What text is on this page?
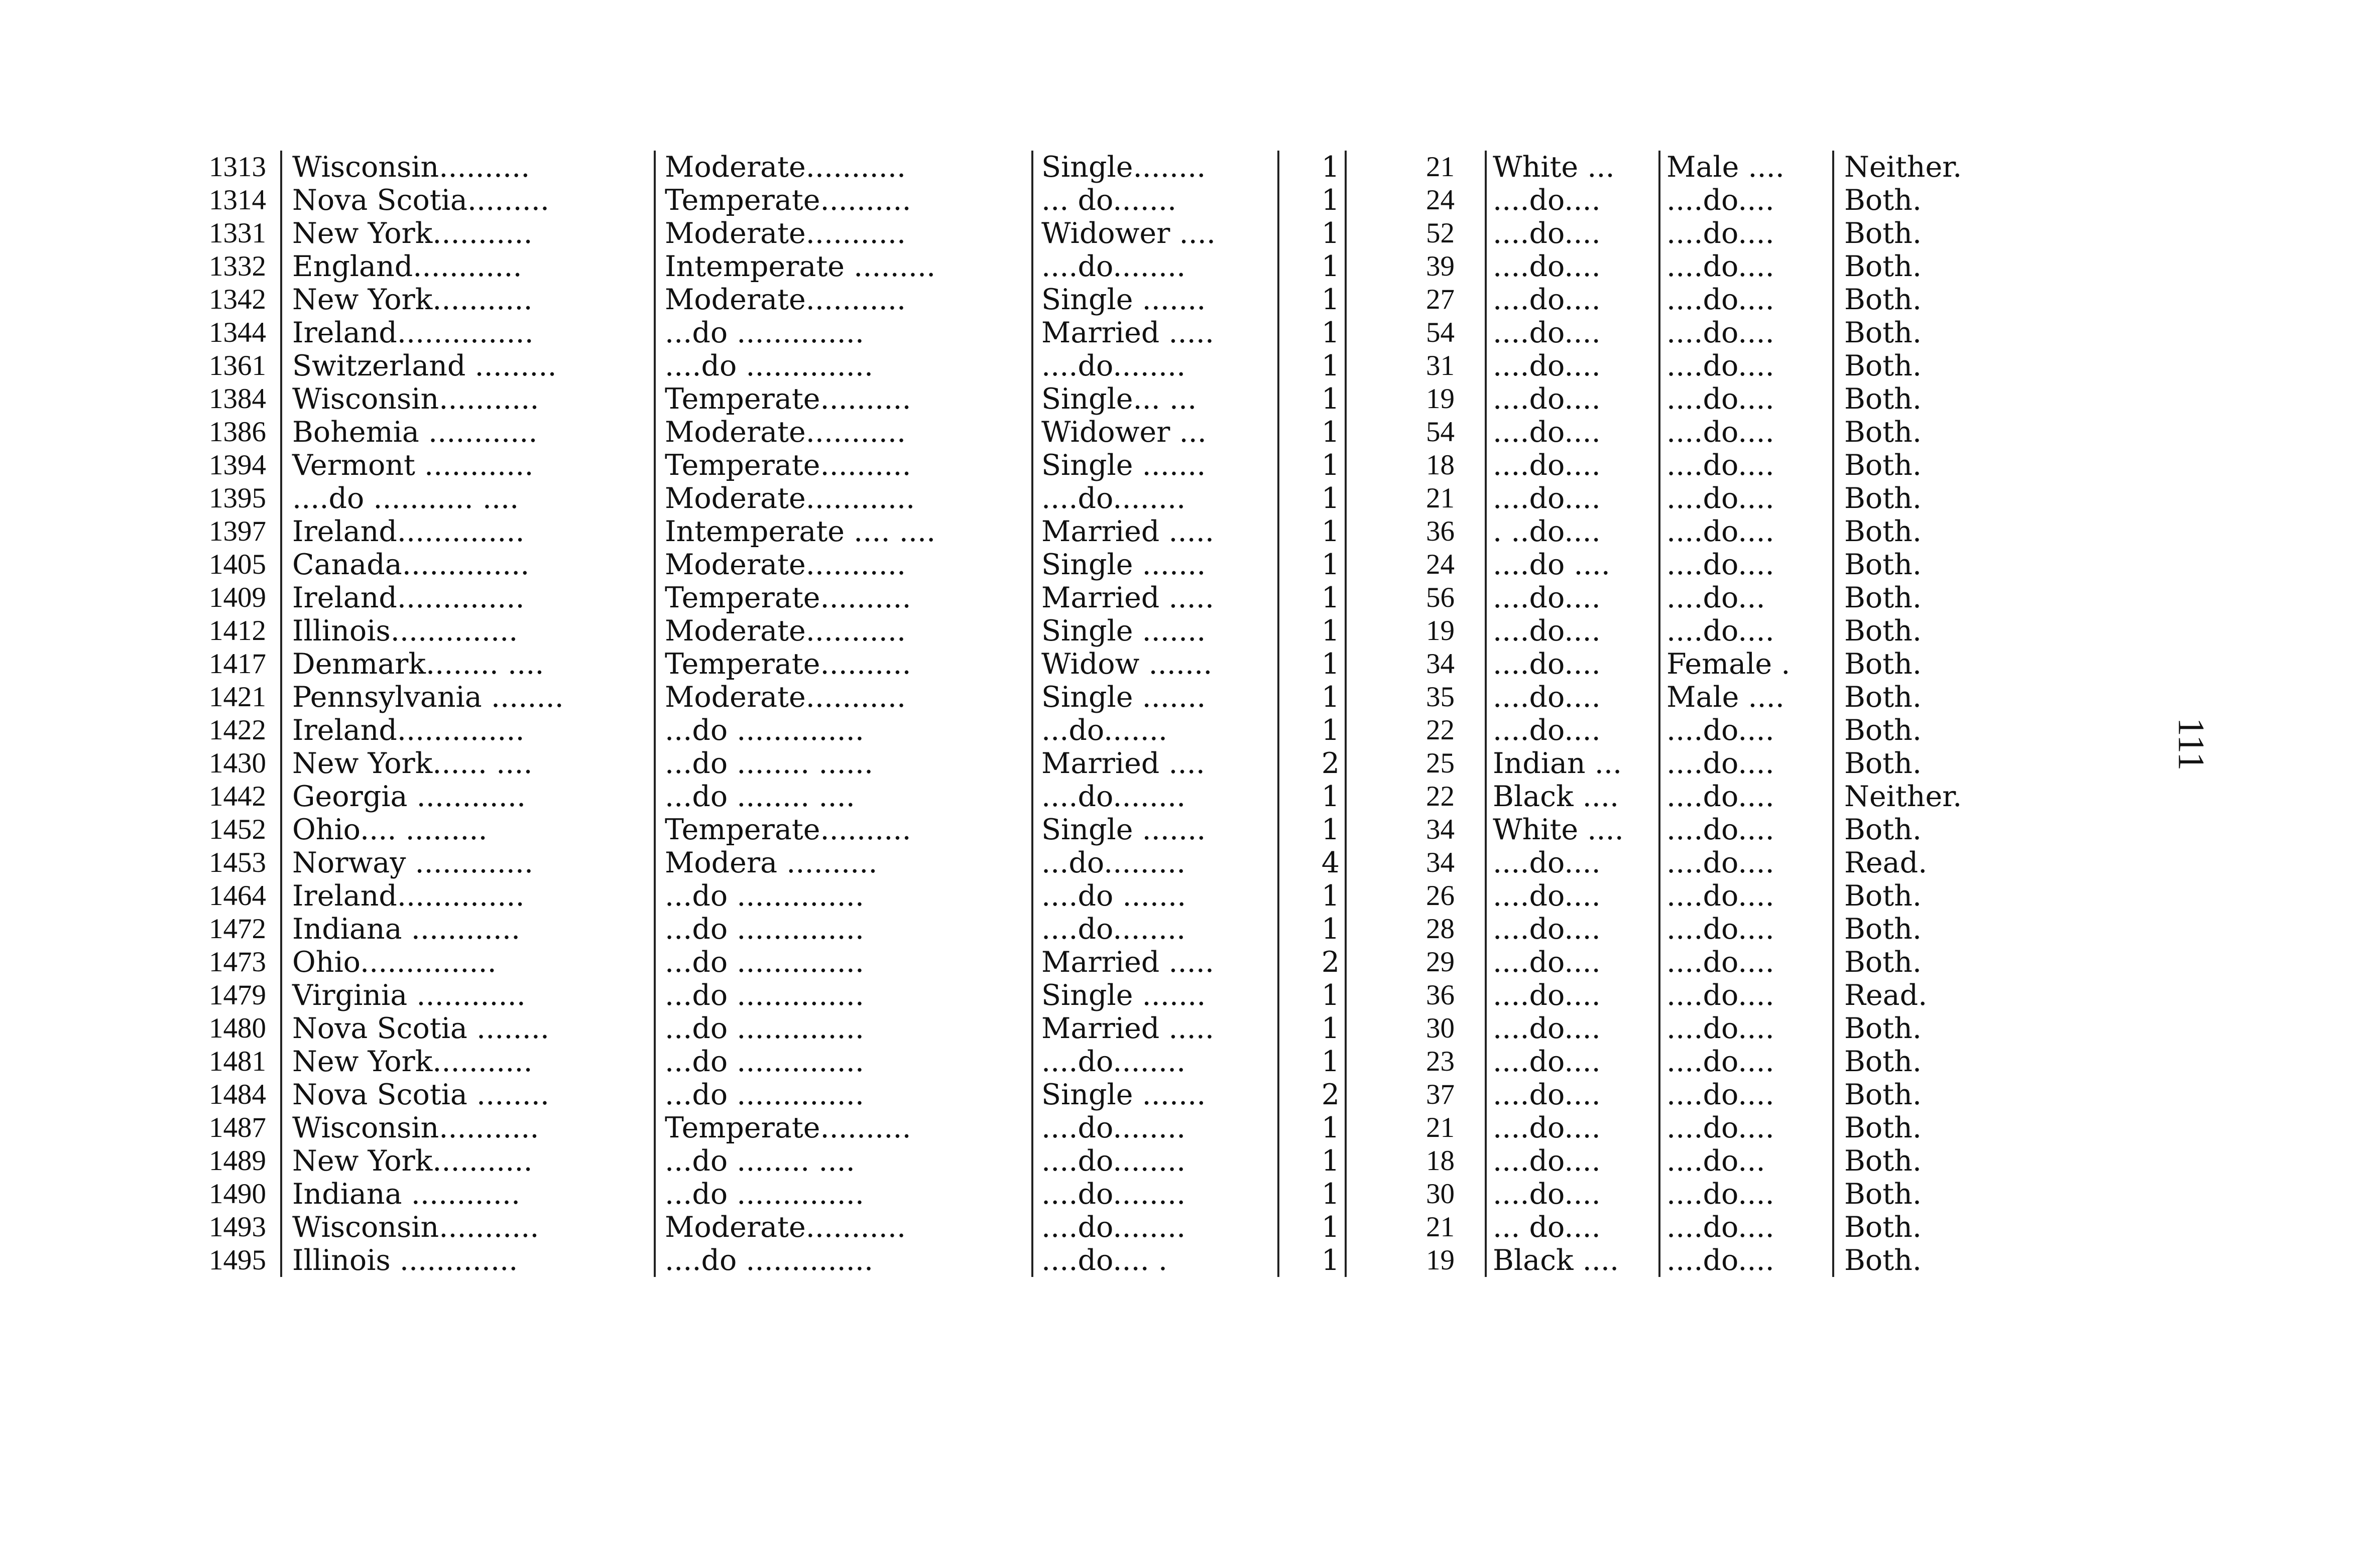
1313	Wisconsin..........	Moderate...........	Single........	1	21	White ...	Male ....	Neither.
1314	Nova Scotia.........	Temperate..........	... do.......	1	24	....do....	....do....	Both.
1331	New York...........	Moderate...........	Widower ....	1	52	....do....	....do....	Both.
1332	England............	Intemperate .........	....do........	1	39	....do....	....do....	Both.
1342	New York...........	Moderate...........	Single .......	1	27	....do....	....do....	Both.
1344	Ireland...............	...do ..............	Married .....	1	54	....do....	....do....	Both.
1361	Switzerland .........	....do ..............	....do........	1	31	....do....	....do....	Both.
1384	Wisconsin...........	Temperate..........	Single... ...	1	19	....do....	....do....	Both.
1386	Bohemia ............	Moderate...........	Widower ...	1	54	....do....	....do....	Both.
1394	Vermont ............	Temperate..........	Single .......	1	18	....do....	....do....	Both.
1395	....do ........... ....	Moderate............	....do........	1	21	....do....	....do....	Both.
1397	Ireland..............	Intemperate .... ....	Married .....	1	36	. ..do....	....do....	Both.
1405	Canada..............	Moderate...........	Single .......	1	24	....do ....	....do....	Both.
1409	Ireland..............	Temperate..........	Married .....	1	56	....do....	....do...	Both.
1412	Illinois..............	Moderate...........	Single .......	1	19	....do....	....do....	Both.
1417	Denmark........ ....	Temperate..........	Widow .......	1	34	....do....	Female .	Both.
1421	Pennsylvania ........	Moderate...........	Single .......	1	35	....do....	Male ....	Both.
1422	Ireland..............	...do ..............	...do.......	1	22	....do....	....do....	Both.
1430	New York...... ....	...do ........ ......	Married ....	2	25	Indian ...	....do....	Both.
1442	Georgia ............	...do ........ ....	....do........	1	22	Black ....	....do....	Neither.
1452	Ohio.... .........	Temperate..........	Single .......	1	34	White ....	....do....	Both.
1453	Norway .............	Modera ..........	...do.........	4	34	....do....	....do....	Read.
1464	Ireland..............	...do ..............	....do .......	1	26	....do....	....do....	Both.
1472	Indiana ............	...do ..............	....do........	1	28	....do....	....do....	Both.
1473	Ohio...............	...do ..............	Married .....	2	29	....do....	....do....	Both.
1479	Virginia ............	...do ..............	Single .......	1	36	....do....	....do....	Read.
1480	Nova Scotia ........	...do ..............	Married .....	1	30	....do....	....do....	Both.
1481	New York...........	...do ..............	....do........	1	23	....do....	....do....	Both.
1484	Nova Scotia ........	...do ..............	Single .......	2	37	....do....	....do....	Both.
1487	Wisconsin...........	Temperate..........	....do........	1	21	....do....	....do....	Both.
1489	New York...........	...do ........ ....	....do........	1	18	....do....	....do...	Both.
1490	Indiana ............	...do ..............	....do........	1	30	....do....	....do....	Both.
1493	Wisconsin...........	Moderate...........	....do........	1	21	... do....	....do....	Both.
1495	Illinois .............	....do ..............	....do.... .	1	19	Black ....	....do....	Both.
111
